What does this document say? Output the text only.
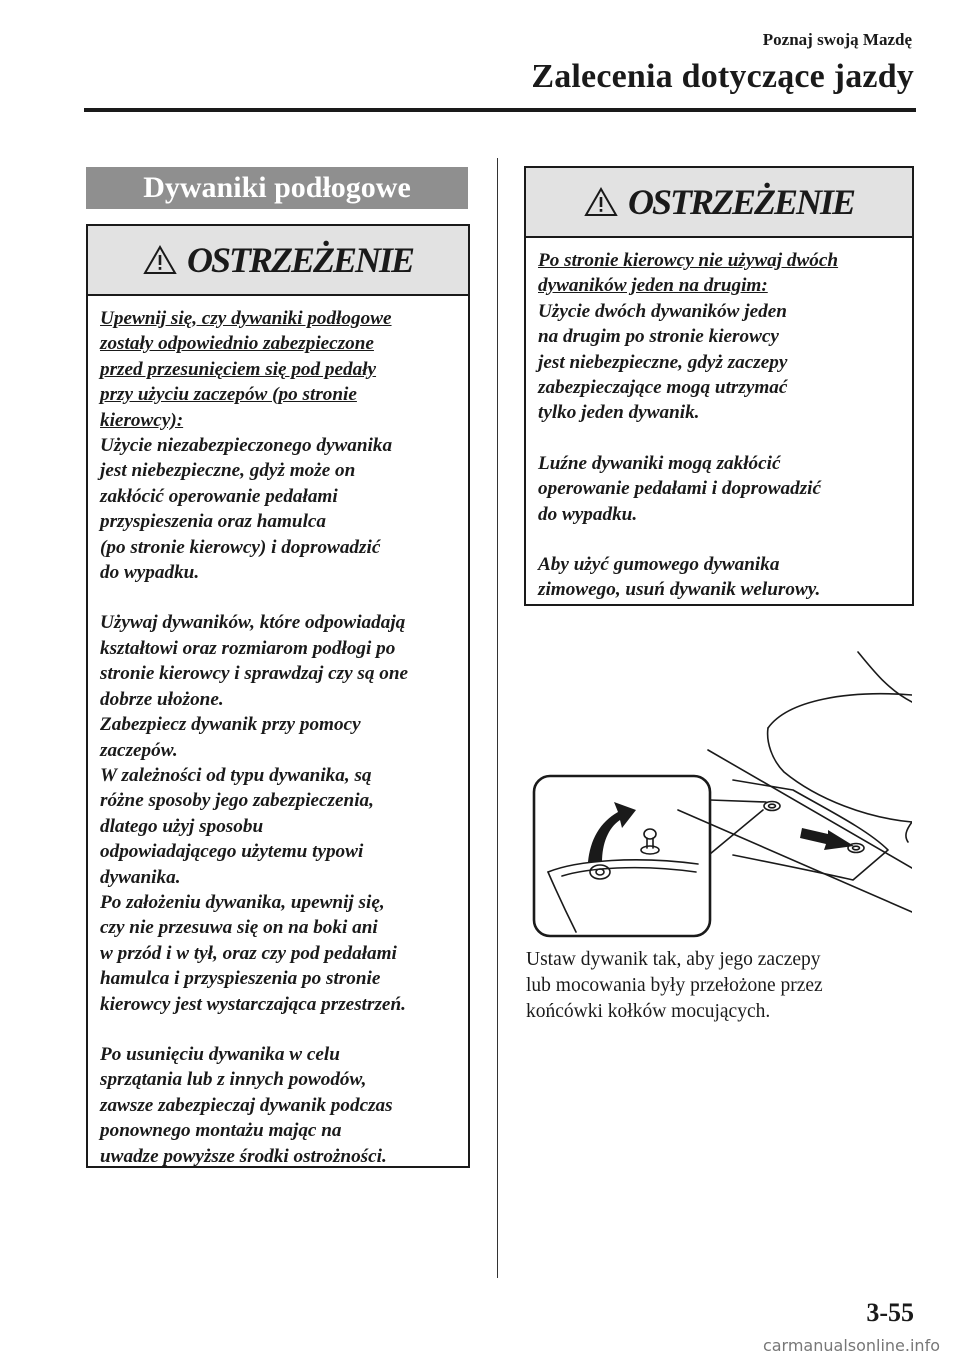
Poznaj swoją Mazdę
Zalecenia dotyczące jazdy
Dywaniki podłogowe
OSTRZEŻENIE

Upewnij się, czy dywaniki podłogowe
zostały odpowiednio zabezpieczone
przed przesunięciem się pod pedały
przy użyciu zaczepów (po stronie
kierowcy):

Użycie niezabezpieczonego dywanika
jest niebezpieczne, gdyż może on
zakłócić operowanie pedałami
przyspieszenia oraz hamulca
(po stronie kierowcy) i doprowadzić
do wypadku.

Używaj dywaników, które odpowiadają
kształtowi oraz rozmiarom podłogi po
stronie kierowcy i sprawdzaj czy są one
dobrze ułożone.
Zabezpiecz dywanik przy pomocy
zaczepów.
W zależności od typu dywanika, są
różne sposoby jego zabezpieczenia,
dlatego użyj sposobu
odpowiadającego użytemu typowi
dywanika.
Po założeniu dywanika, upewnij się,
czy nie przesuwa się on na boki ani
w przód i w tył, oraz czy pod pedałami
hamulca i przyspieszenia po stronie
kierowcy jest wystarczająca przestrzeń.

Po usunięciu dywanika w celu
sprzątania lub z innych powodów,
zawsze zabezpieczaj dywanik podczas
ponownego montażu mając na
uwadze powyższe środki ostrożności.

OSTRZEŻENIE

Po stronie kierowcy nie używaj dwóch
dywaników jeden na drugim:

Użycie dwóch dywaników jeden
na drugim po stronie kierowcy
jest niebezpieczne, gdyż zaczepy
zabezpieczające mogą utrzymać
tylko jeden dywanik.

Luźne dywaniki mogą zakłócić
operowanie pedałami i doprowadzić
do wypadku.

Aby użyć gumowego dywanika
zimowego, usuń dywanik welurowy.

Ustaw dywanik tak, aby jego zaczepy

lub mocowania były przełożone przez

końcówki kołków mocujących.

3-55
carmanualsonline.info
